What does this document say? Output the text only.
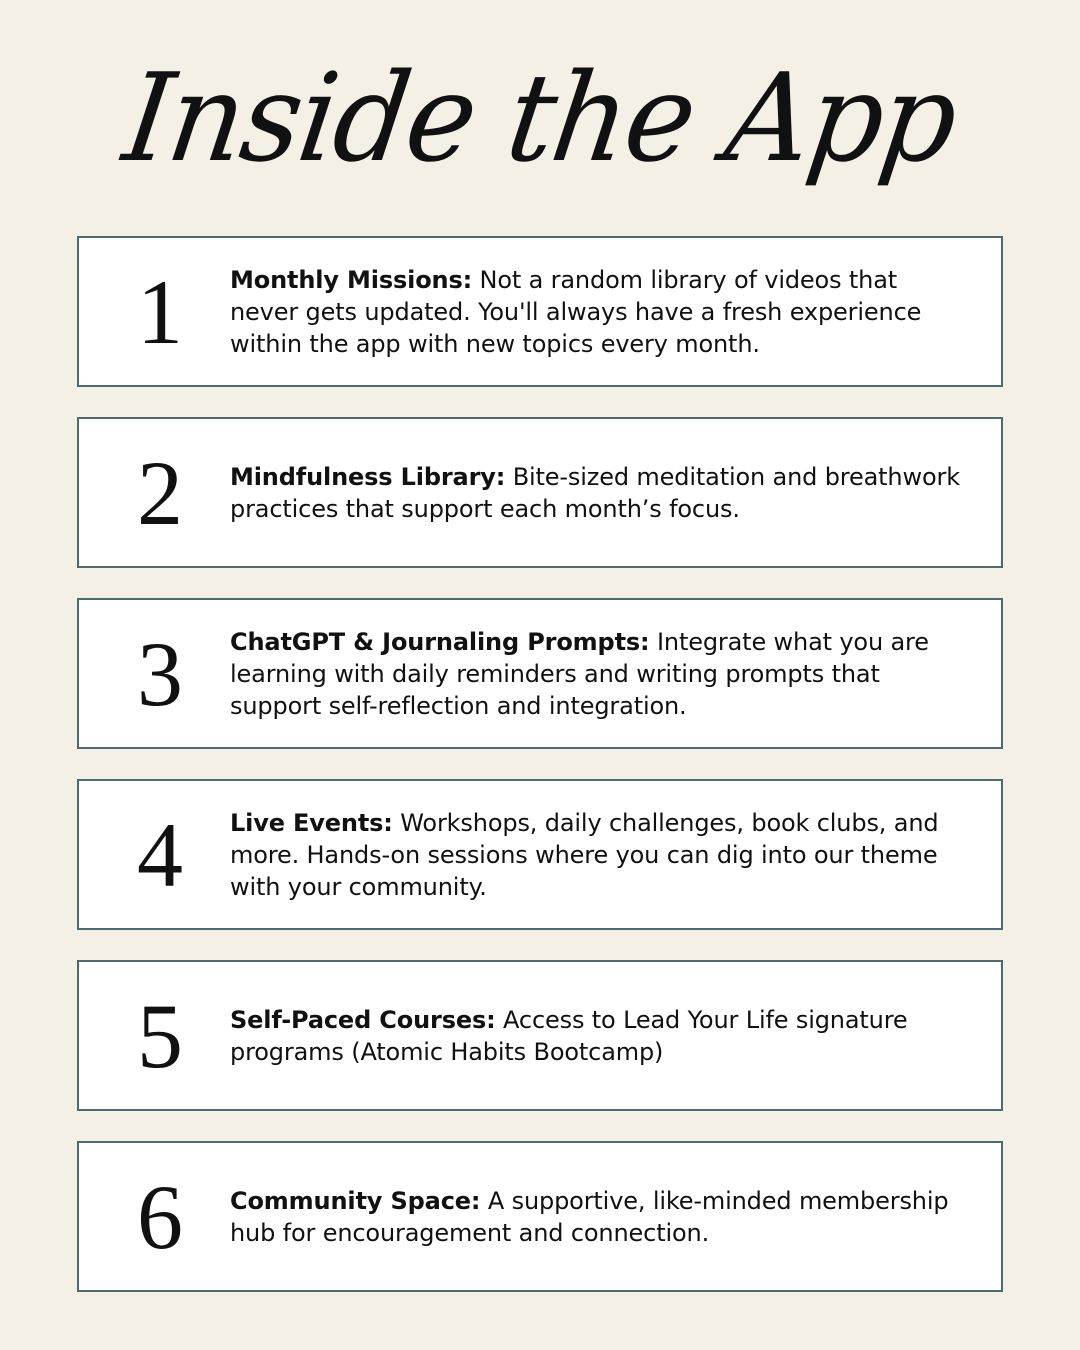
Inside the App
1	Monthly Missions: Not a random library of videos that never gets updated. You'll always have a fresh experience within the app with new topics every month.

2	Mindfulness Library: Bite-sized meditation and breathwork practices that support each month’s focus.

3	ChatGPT & Journaling Prompts: Integrate what you are learning with daily reminders and writing prompts that support self-reflection and integration.

4	Live Events: Workshops, daily challenges, book clubs, and more. Hands-on sessions where you can dig into our theme with your community.

5	Self-Paced Courses: Access to Lead Your Life signature programs (Atomic Habits Bootcamp)

6	Community Space: A supportive, like-minded membership hub for encouragement and connection.
